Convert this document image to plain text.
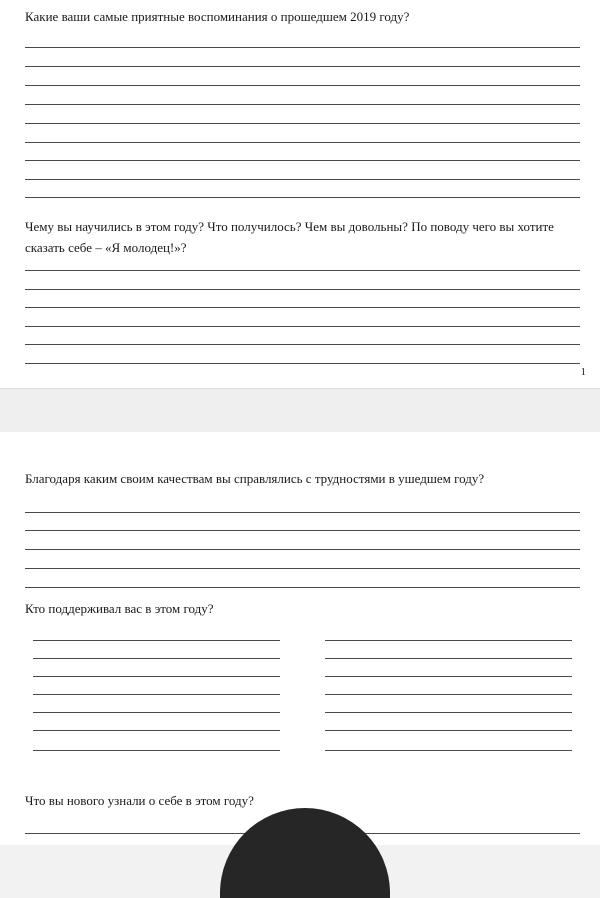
Какие ваши самые приятные воспоминания о прошедшем 2019 году?

Чему вы научились в этом году? Что получилось? Чем вы довольны? По поводу чего вы хотите сказать себе – «Я молодец!»?

1

Благодаря каким своим качествам вы справлялись с трудностями в ушедшем году?

Кто поддерживал вас в этом году?

Что вы нового узнали о себе в этом году?
